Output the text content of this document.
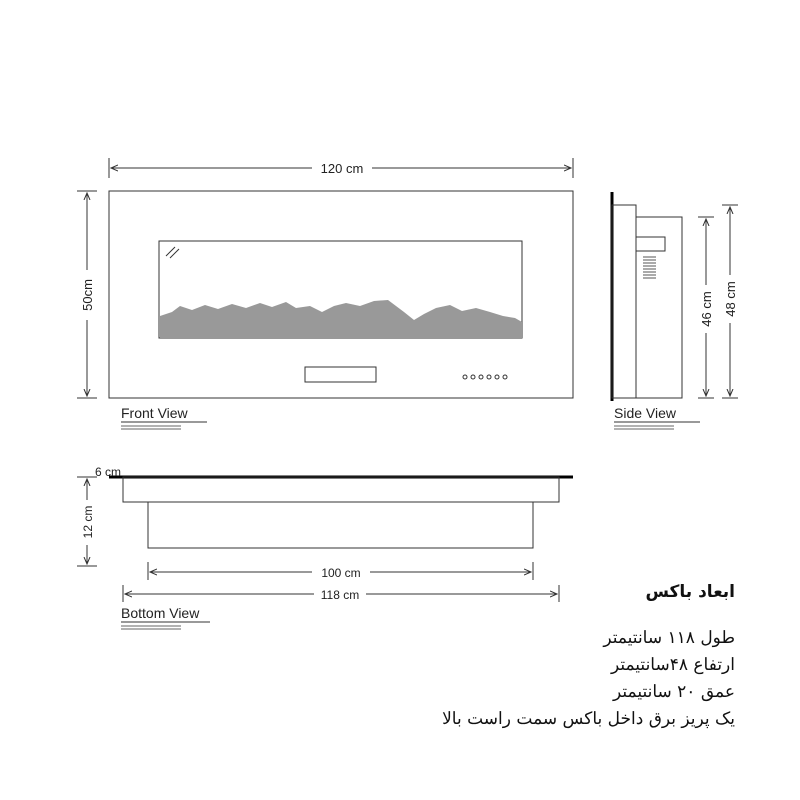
120 cm
50cm
Front View
46 cm 48 cm
Side View
6 cm
12 cm
100 cm
118 cm
Bottom View
ابعاد باکس
طول ۱۱۸ سانتیمتر
ارتفاع ۴۸سانتیمتر
عمق ۲۰ سانتیمتر
یک پریز برق داخل باکس سمت راست بالا
